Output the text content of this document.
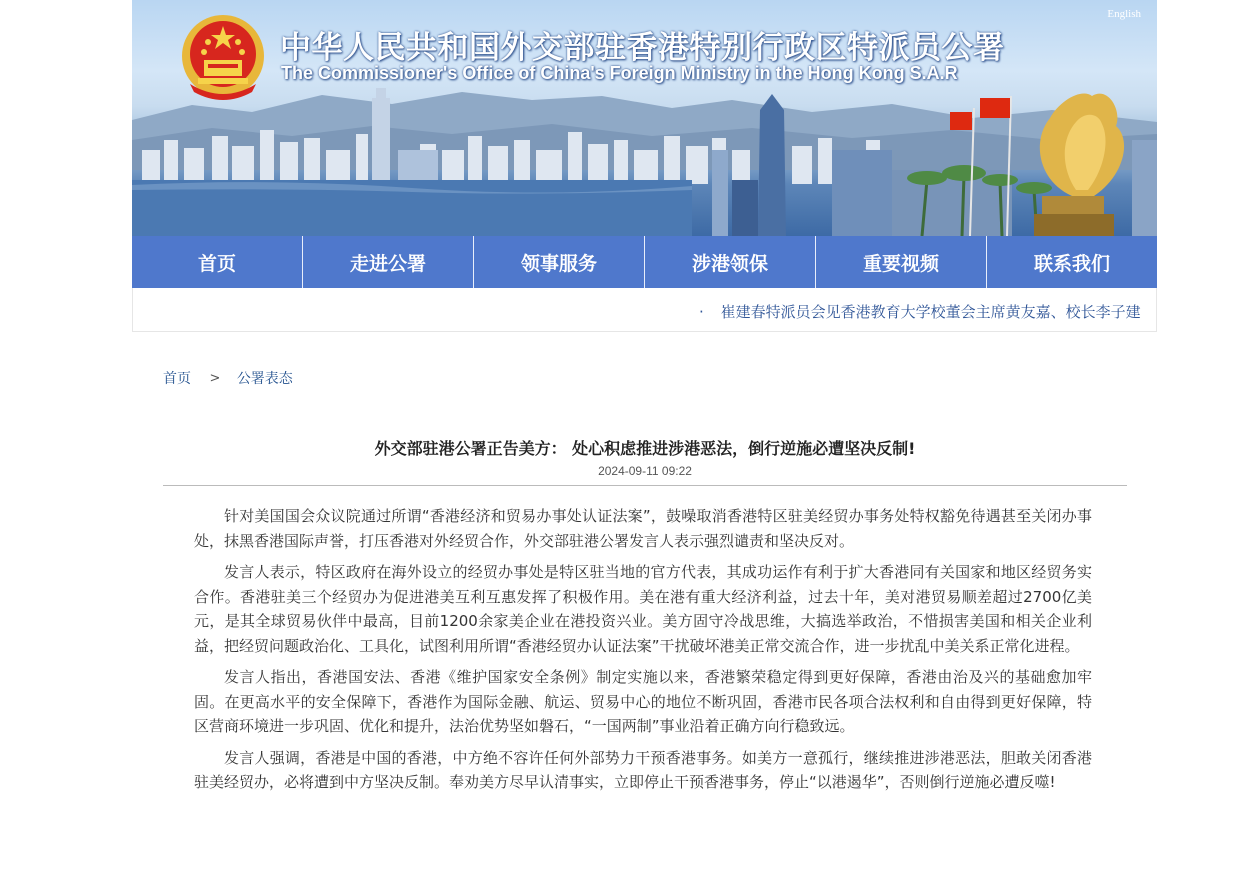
中华人民共和国外交部驻香港特别行政区特派员公署
The Commissioner's Office of China's Foreign Ministry in the Hong Kong S.A.R
English
首页	走进公署	领事服务	涉港领保	重要视频	联系我们
· 崔建春特派员会见香港教育大学校董会主席黄友嘉、校长李子建
首页 > 公署表态
外交部驻港公署正告美方： 处心积虑推进涉港恶法，倒行逆施必遭坚决反制!
2024-09-11 09:22

针对美国国会众议院通过所谓“香港经济和贸易办事处认证法案”，鼓噪取消香港特区驻美经贸办事务处特权豁免待遇甚至关闭办事处，抹黑香港国际声誉，打压香港对外经贸合作，外交部驻港公署发言人表示强烈谴责和坚决反对。

发言人表示，特区政府在海外设立的经贸办事处是特区驻当地的官方代表，其成功运作有利于扩大香港同有关国家和地区经贸务实合作。香港驻美三个经贸办为促进港美互利互惠发挥了积极作用。美在港有重大经济利益，过去十年，美对港贸易顺差超过2700亿美元，是其全球贸易伙伴中最高，目前1200余家美企业在港投资兴业。美方固守冷战思维，大搞选举政治，不惜损害美国和相关企业利益，把经贸问题政治化、工具化，试图利用所谓“香港经贸办认证法案”干扰破坏港美正常交流合作，进一步扰乱中美关系正常化进程。

发言人指出，香港国安法、香港《维护国家安全条例》制定实施以来，香港繁荣稳定得到更好保障，香港由治及兴的基础愈加牢固。在更高水平的安全保障下，香港作为国际金融、航运、贸易中心的地位不断巩固，香港市民各项合法权利和自由得到更好保障，特区营商环境进一步巩固、优化和提升，法治优势坚如磐石，“一国两制”事业沿着正确方向行稳致远。

发言人强调，香港是中国的香港，中方绝不容许任何外部势力干预香港事务。如美方一意孤行，继续推进涉港恶法，胆敢关闭香港驻美经贸办，必将遭到中方坚决反制。奉劝美方尽早认清事实，立即停止干预香港事务，停止“以港遏华”，否则倒行逆施必遭反噬!
